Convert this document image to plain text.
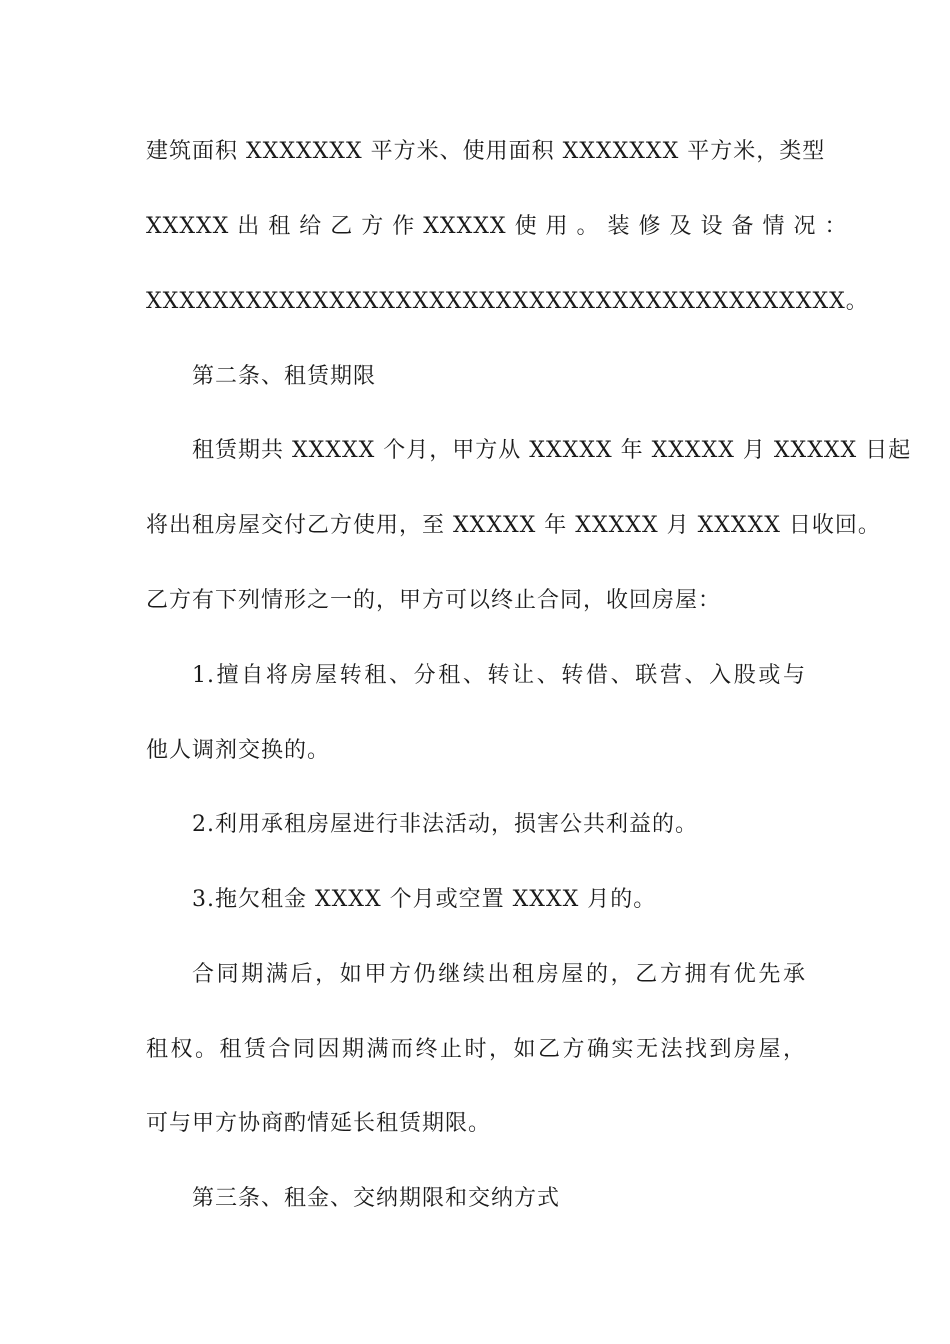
建筑面积 XXXXXXX 平方米、使用面积 XXXXXXX 平方米，类型
XXXXX 出 租 给 乙 方 作 XXXXX 使 用 。 装 修 及 设 备 情 况 ：
XXXXXXXXXXXXXXXXXXXXXXXXXXXXXXXXXXXXXXXXXX。
第二条、租赁期限
租赁期共 XXXXX 个月，甲方从 XXXXX 年 XXXXX 月 XXXXX 日起
将出租房屋交付乙方使用，至 XXXXX 年 XXXXX 月 XXXXX 日收回。
乙方有下列情形之一的，甲方可以终止合同，收回房屋：
1.擅自将房屋转租、分租、转让、转借、联营、入股或与
他人调剂交换的。
2.利用承租房屋进行非法活动，损害公共利益的。
3.拖欠租金 XXXX 个月或空置 XXXX 月的。
合同期满后，如甲方仍继续出租房屋的，乙方拥有优先承
租权。租赁合同因期满而终止时，如乙方确实无法找到房屋，
可与甲方协商酌情延长租赁期限。
第三条、租金、交纳期限和交纳方式
